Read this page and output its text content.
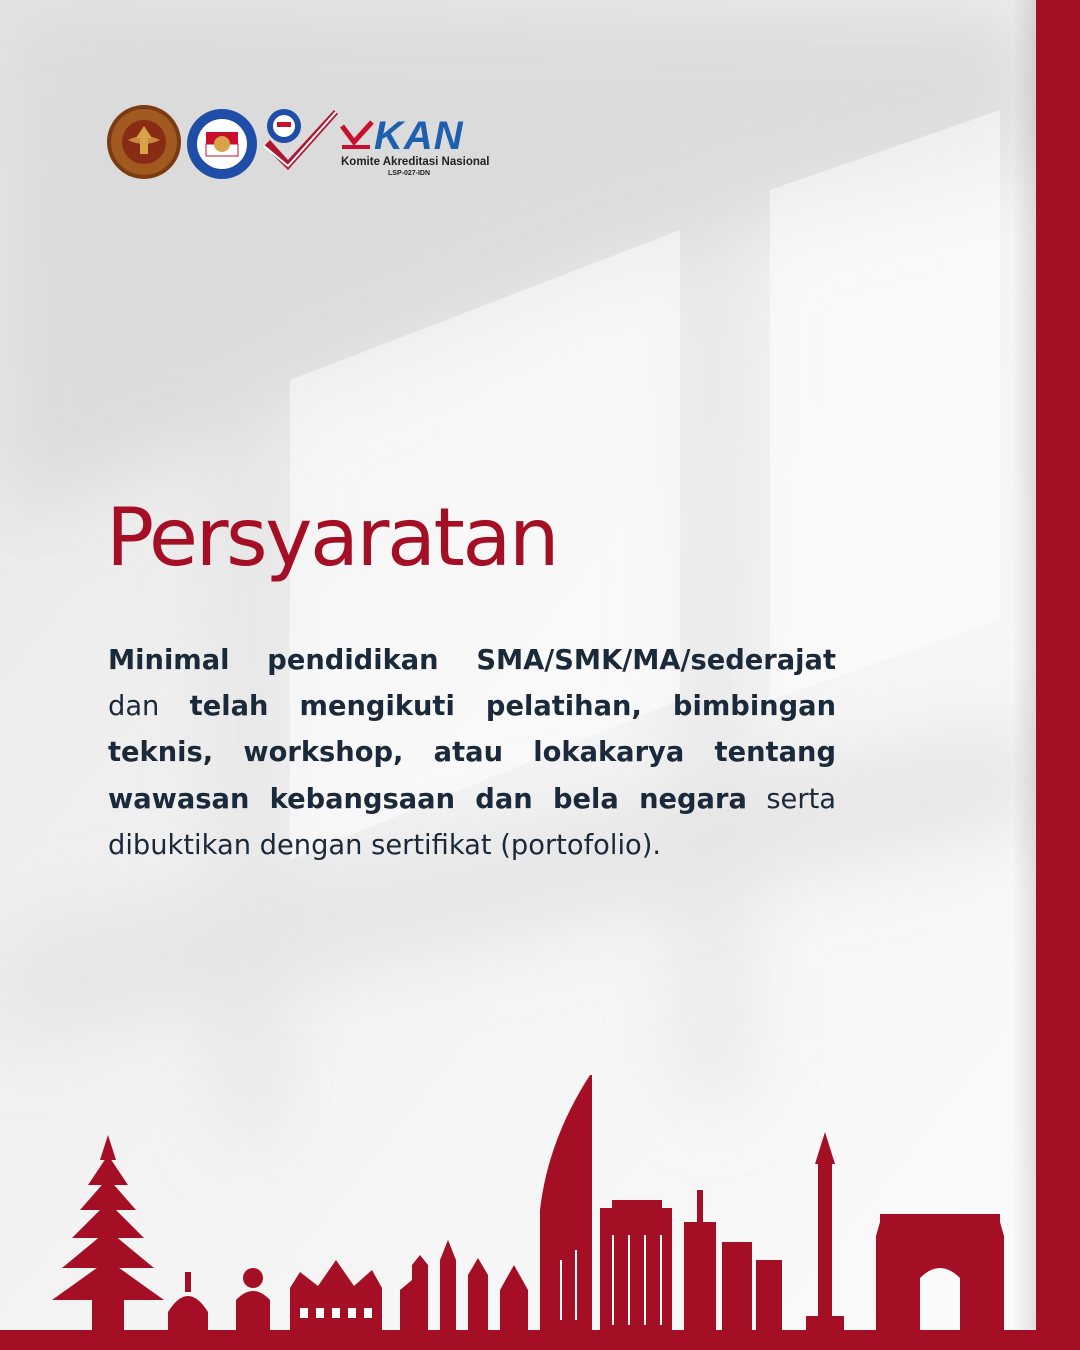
KAN
Komite Akreditasi Nasional
LSP-027-IDN
Persyaratan

Minimal pendidikan SMA/SMK/MA/sederajat dan telah mengikuti pelatihan, bimbingan teknis, workshop, atau lokakarya tentang wawasan kebangsaan dan bela negara serta dibuktikan dengan sertifikat (portofolio).
